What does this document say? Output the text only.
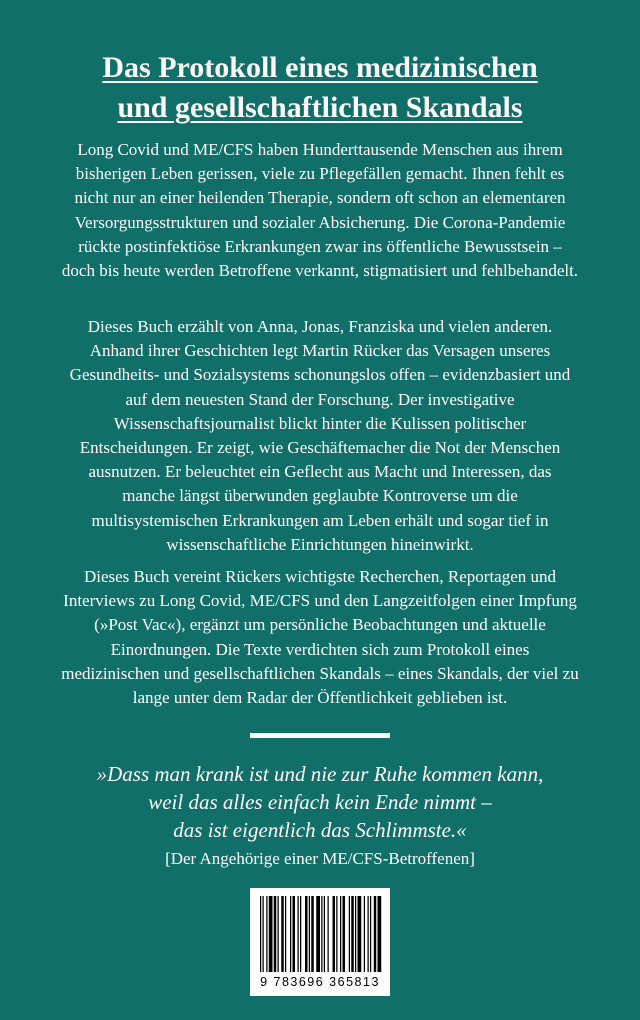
Das Protokoll eines medizinischen
und gesellschaftlichen Skandals

Long Covid und ME/CFS haben Hunderttausende Menschen aus ihrem bisherigen Leben gerissen, viele zu Pflegefällen gemacht. Ihnen fehlt es nicht nur an einer heilenden Therapie, sondern oft schon an elementaren Versorgungsstrukturen und sozialer Absicherung. Die Corona-Pandemie rückte postinfektiöse Erkrankungen zwar ins öffentliche Bewusstsein – doch bis heute werden Betroffene verkannt, stigmatisiert und fehlbehandelt.

Dieses Buch erzählt von Anna, Jonas, Franziska und vielen anderen. Anhand ihrer Geschichten legt Martin Rücker das Versagen unseres Gesundheits- und Sozialsystems schonungslos offen – evidenzbasiert und auf dem neuesten Stand der Forschung. Der investigative Wissenschaftsjournalist blickt hinter die Kulissen politischer Entscheidungen. Er zeigt, wie Geschäftemacher die Not der Menschen ausnutzen. Er beleuchtet ein Geflecht aus Macht und Interessen, das manche längst überwunden geglaubte Kontroverse um die multisystemischen Erkrankungen am Leben erhält und sogar tief in wissenschaftliche Einrichtungen hineinwirkt.

Dieses Buch vereint Rückers wichtigste Recherchen, Reportagen und Interviews zu Long Covid, ME/CFS und den Langzeitfolgen einer Impfung (»Post Vac«), ergänzt um persönliche Beobachtungen und aktuelle Einordnungen. Die Texte verdichten sich zum Protokoll eines medizinischen und gesellschaftlichen Skandals – eines Skandals, der viel zu lange unter dem Radar der Öffentlichkeit geblieben ist.

»Dass man krank ist und nie zur Ruhe kommen kann,
weil das alles einfach kein Ende nimmt –
das ist eigentlich das Schlimmste.«

[Der Angehörige einer ME/CFS-Betroffenen]

9 783696 365813
